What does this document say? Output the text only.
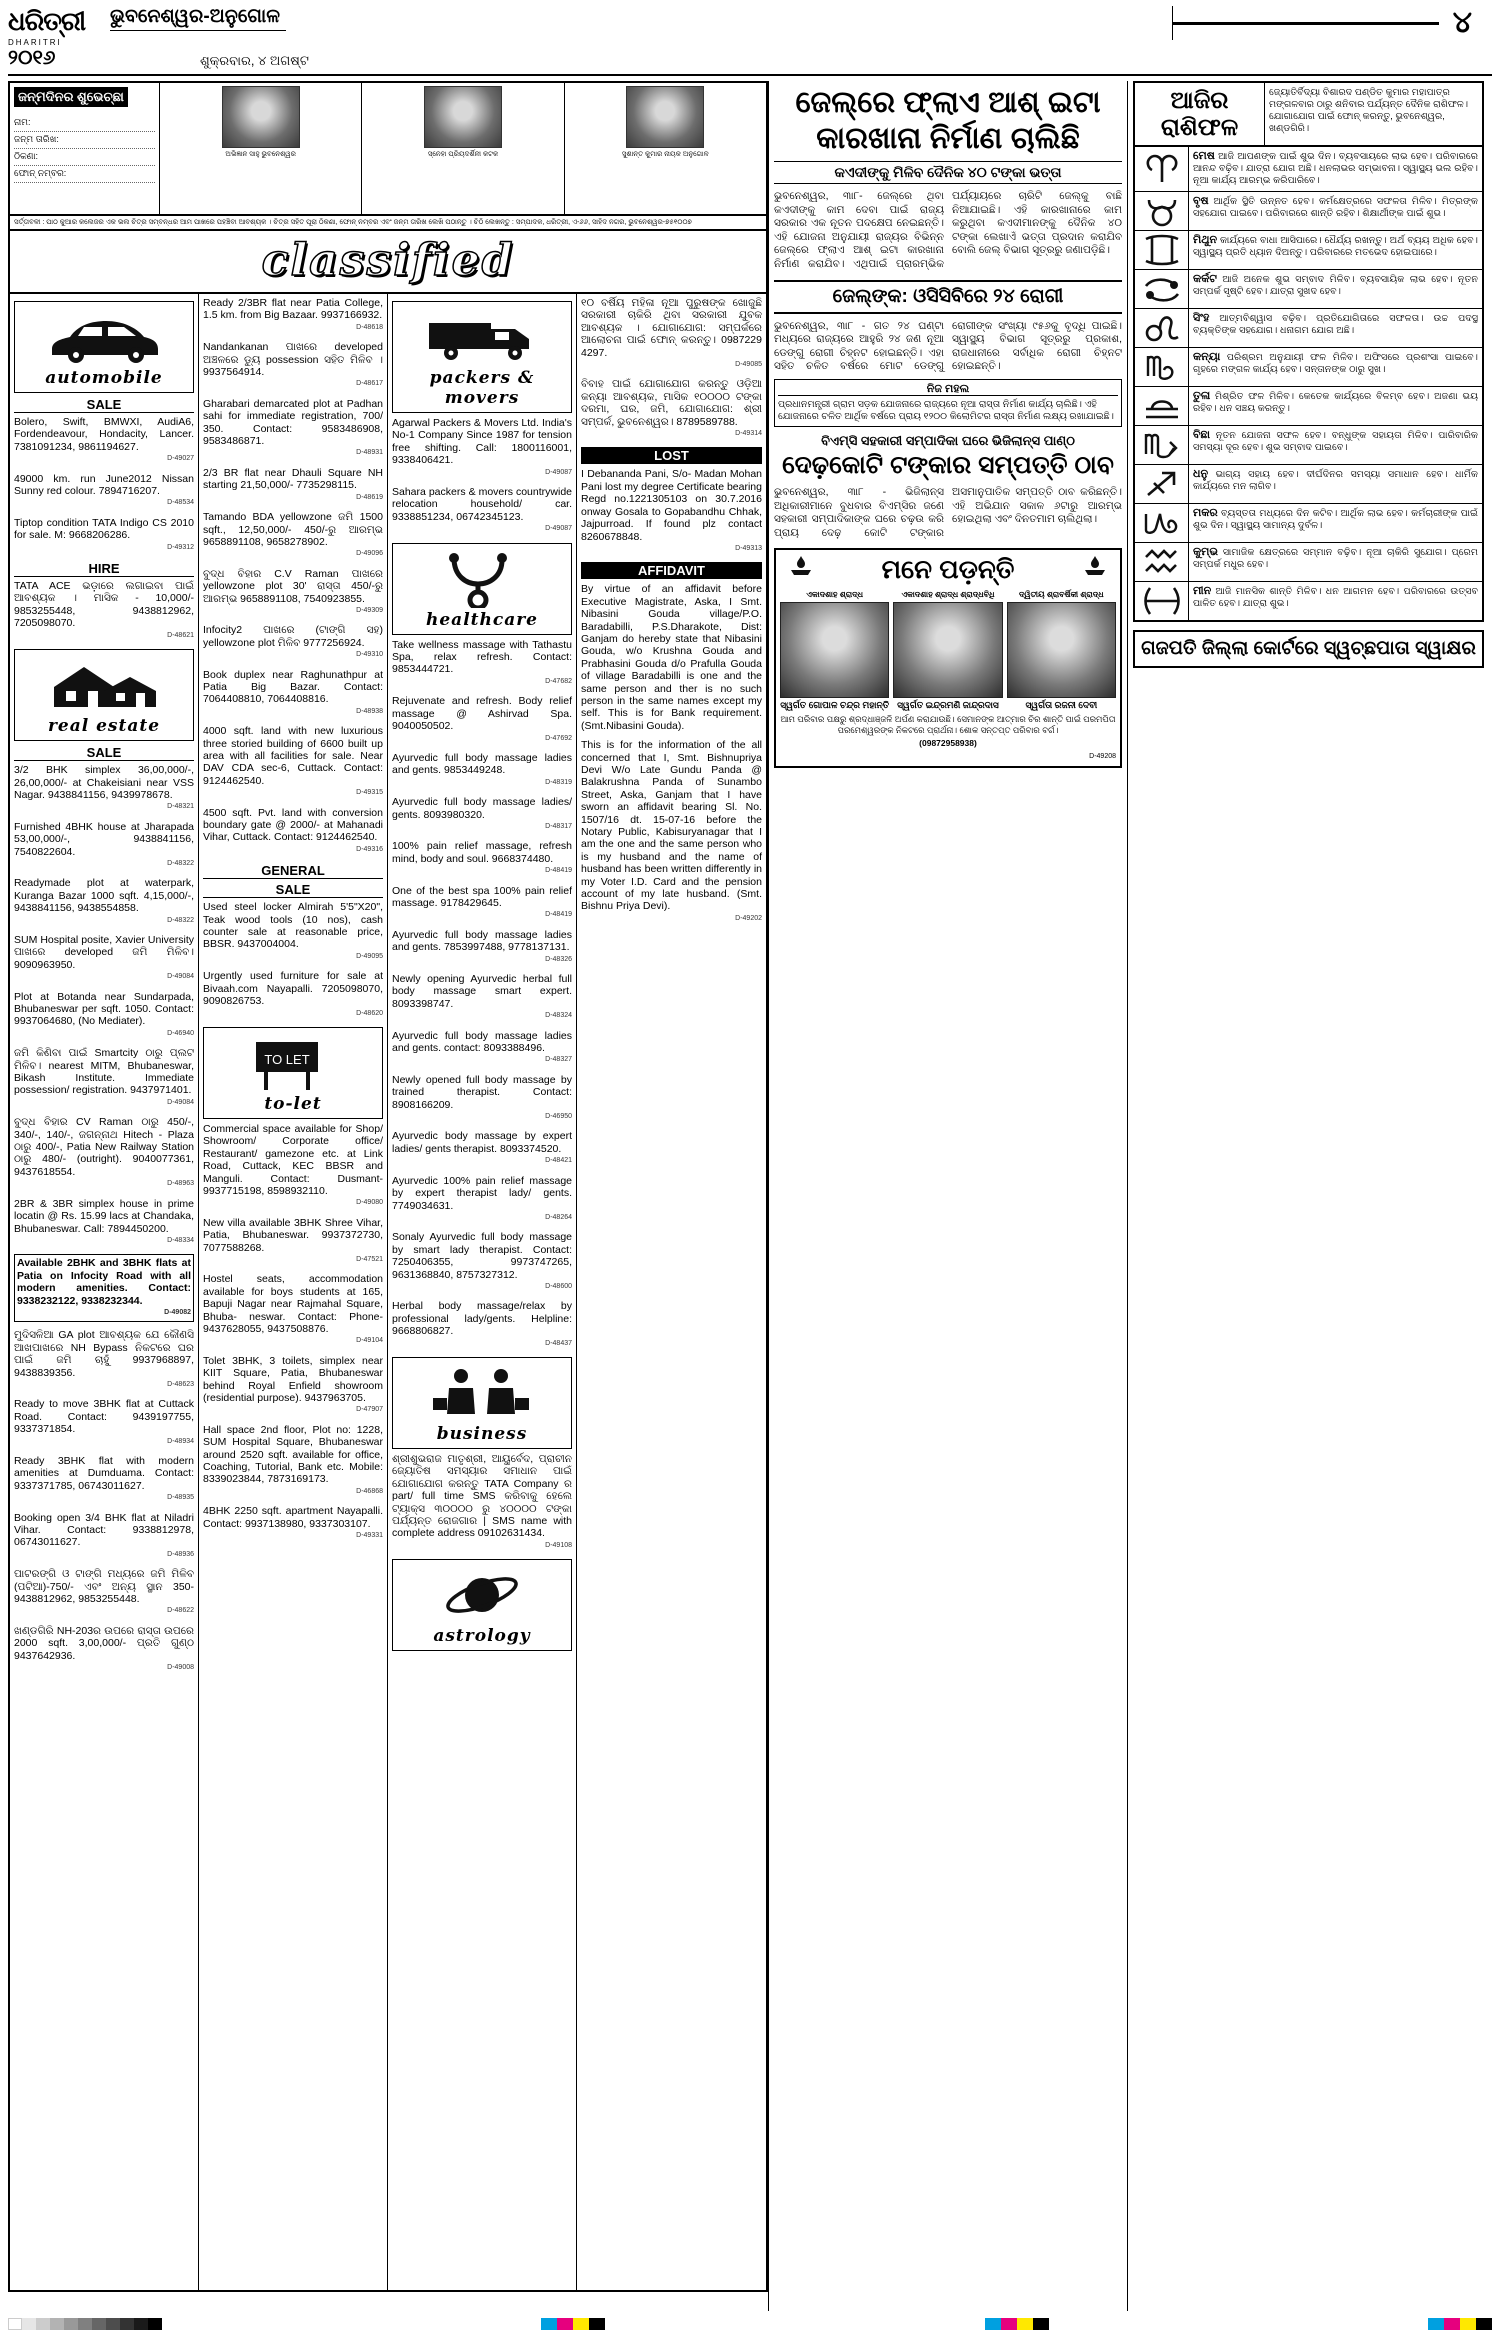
ଧରିତ୍ରୀ
DHARITRI
୨୦୧୬
ଭୁବନେଶ୍ୱର-ଅନୁଗୋଳ
ଶୁକ୍ରବାର, ୪ ଅଗଷ୍ଟ
୪
ଜନ୍ମଦିନର ଶୁଭେଚ୍ଛା
ନାମ:
ଜନ୍ମ ତାରିଖ:
ଠିକଣା:
ଫୋନ୍ ନମ୍ବର:
ଅଭିଜ୍ଞାନ ସାହୁ ଭୁବନେଶ୍ୱର	ସ୍ନେହା ପ୍ରିୟଦର୍ଶିନୀ କଟକ	ସୁଶାନ୍ତ କୁମାର ନାୟକ ଅନୁଗୋଳ
ସର୍ତ୍ତାବଳୀ : ପାଠ କୁଆର କଲେଜର ଏକ ଭଲ ଚିତ୍ର ସମ୍ବନ୍ଧର ଆମ ପାଖରେ ପହଞ୍ଚିବା ଆବଶ୍ୟକ । ଚିତ୍ର ସହିତ ପୂରା ଠିକଣା, ଫୋନ୍ ନମ୍ବର ଏବଂ ଜନ୍ମ ତାରିଖ ଲେଖି ପଠାନ୍ତୁ । ଚିଠି ଲେଖନ୍ତୁ : ସମ୍ପାଦକ, ଧରିତ୍ରୀ, ଏ-୬୬, ସାହିଦ ନଗର, ଭୁବନେଶ୍ୱର-୭୫୧୦୦୭
classified
automobile
SALE
Bolero, Swift, BMWXI, AudiA6, Fordendeavour, Hondacity, Lancer. 7381091234, 9861194627.
D-49027
49000 km. run June2012 Nissan Sunny red colour. 7894716207.
D-48534
Tiptop condition TATA Indigo CS 2010 for sale. M: 9668206286.
D-49312
HIRE
TATA ACE ଭଡ଼ାରେ ଲଗାଇବା ପାଇଁ ଆବଶ୍ୟକ । ମାସିକ - 10,000/- 9853255448, 9438812962, 7205098070.
D-48621
real estate
SALE
3/2 BHK simplex 36,00,000/-, 26,00,000/- at Chakeisiani near VSS Nagar. 9438841156, 9439978678.
D-48321
Furnished 4BHK house at Jharapada 53,00,000/-, 9438841156, 7540822604.
D-48322
Readymade plot at waterpark, Kuranga Bazar 1000 sqft. 4,15,000/-, 9438841156, 9438554858.
D-48322
SUM Hospital posite, Xavier University ପାଖରେ developed ଜମି ମିଳିବ। 9090963950.
D-49084
Plot at Botanda near Sundarpada, Bhubaneswar per sqft. 1050. Contact: 9937064680, (No Mediater).
D-46940
ଜମି କିଣିବା ପାଇଁ Smartcity ଠାରୁ ପ୍ଲଟ ମିଳିବ। nearest MITM, Bhubaneswar, Bikash Institute. Immediate possession/ registration. 9437971401.
D-49084
ବୁଦ୍ଧ ବିହାର CV Raman ଠାରୁ 450/-, 340/-, 140/-, ଜଗନ୍ନାଥ Hitech - Plaza ଠାରୁ 400/-, Patia New Railway Station ଠାରୁ 480/- (outright). 9040077361, 9437618554.
D-48963
2BR & 3BR simplex house in prime locatin @ Rs. 15.99 lacs at Chandaka, Bhubaneswar. Call: 7894450200.
D-48334
Available 2BHK and 3BHK flats at Patia on Infocity Road with all modern amenities. Contact: 9338232122, 9338232344.
D-49082
ମୁଦିସଳିଆ GA plot ଆବଶ୍ୟକ ଯେ କୌଣସି ଆଖପାଖରେ NH Bypass ନିକଟରେ ଘର ପାଇଁ ଜମି ଚାହୁଁ 9937968897, 9438839356.
D-48623
Ready to move 3BHK flat at Cuttack Road. Contact: 9439197755, 9337371854.
D-48934
Ready 3BHK flat with modern amenities at Dumduama. Contact: 9337371785, 06743011627.
D-48935
Booking open 3/4 BHK flat at Niladri Vihar. Contact: 9338812978, 06743011627.
D-48936
ପାଟରଙ୍ଗି ଓ ଟାଙ୍ଗି ମଧ୍ୟରେ ଜମି ମିଳିବ (ପଟିଆ)-750/- ଏବଂ ଅନ୍ୟ ସ୍ଥାନ 350- 9438812962, 9853255448.
D-48622
ଖଣ୍ଡଗିରି NH-203ର ଉପରେ ରାସ୍ତା ଉପରେ 2000 sqft. 3,00,000/- ପ୍ରତି ଗୁଣ୍ଠ 9437642936.
D-49008
Ready 2/3BR flat near Patia College, 1.5 km. from Big Bazaar. 9937166932.
D-48618
Nandankanan ପାଖରେ developed ଅଞ୍ଚଳରେ ଡ୍ୟୁ possession ସହିତ ମିଳିବ । 9937564914.
D-48617
Gharabari demarcated plot at Padhan sahi for immediate registration, 700/ 350. Contact: 9583486908, 9583486871.
D-48931
2/3 BR flat near Dhauli Square NH starting 21,50,000/- 7735298115.
D-48619
Tamando BDA yellowzone ଜମି 1500 sqft., 12,50,000/- 450/-ରୁ ଆରମ୍ଭ 9658891108, 9658278902.
D-49096
ବୁଦ୍ଧ ବିହାର C.V Raman ପାଖରେ yellowzone plot 30' ରାସ୍ତା 450/-ରୁ ଆରମ୍ଭ 9658891108, 7540923855.
D-49309
Infocity2 ପାଖରେ (ଟାଙ୍ଗି ସହ) yellowzone plot ମିଳିବ 9777256924.
D-49310
Book duplex near Raghunathpur at Patia Big Bazar. Contact: 7064408810, 7064408816.
D-48938
4000 sqft. land with new luxurious three storied building of 6600 built up area with all facilities for sale. Near DAV CDA sec-6, Cuttack. Contact: 9124462540.
D-49315
4500 sqft. Pvt. land with conversion boundary gate @ 2000/- at Mahanadi Vihar, Cuttack. Contact: 9124462540.
D-49316
GENERAL
SALE
Used steel locker Almirah 5'5"X20", Teak wood tools (10 nos), cash counter sale at reasonable price, BBSR. 9437004004.
D-49095
Urgently used furniture for sale at Bivaah.com Nayapalli. 7205098070, 9090826753.
D-48620
TO LET
to-let
Commercial space available for Shop/ Showroom/ Corporate office/ Restaurant/ gamezone etc. at Link Road, Cuttack, KEC BBSR and Manguli. Contact: Dusmant- 9937715198, 8598932110.
D-49080
New villa available 3BHK Shree Vihar, Patia, Bhubaneswar. 9937372730, 7077588268.
D-47521
Hostel seats, accommodation available for boys students at 165, Bapuji Nagar near Rajmahal Square, Bhuba- neswar. Contact: Phone- 9437628055, 9437508876.
D-49104
Tolet 3BHK, 3 toilets, simplex near KIIT Square, Patia, Bhubaneswar behind Royal Enfield showroom (residential purpose). 9437963705.
D-47907
Hall space 2nd floor, Plot no: 1228, SUM Hospital Square, Bhubaneswar around 2520 sqft. available for office, Coaching, Tutorial, Bank etc. Mobile: 8339023844, 7873169173.
D-46868
4BHK 2250 sqft. apartment Nayapalli. Contact: 9937138980, 9337303107.
D-49331
packers & movers
Agarwal Packers & Movers Ltd. India's No-1 Company Since 1987 for tension free shifting. Call: 1800116001, 9338406421.
D-49087
Sahara packers & movers countrywide relocation household/ car. 9338851234, 06742345123.
D-49087
healthcare
Take wellness massage with Tathastu Spa, relax refresh. Contact: 9853444721.
D-47682
Rejuvenate and refresh. Body relief massage @ Ashirvad Spa. 9040050502.
D-47692
Ayurvedic full body massage ladies and gents. 9853449248.
D-48319
Ayurvedic full body massage ladies/ gents. 8093980320.
D-48317
100% pain relief massage, refresh mind, body and soul. 9668374480.
D-48419
One of the best spa 100% pain relief massage. 9178429645.
D-48419
Ayurvedic full body massage ladies and gents. 7853997488, 9778137131.
D-48326
Newly opening Ayurvedic herbal full body massage smart expert. 8093398747.
D-48324
Ayurvedic full body massage ladies and gents. contact: 8093388496.
D-48327
Newly opened full body massage by trained therapist. Contact: 8908166209.
D-46950
Ayurvedic body massage by expert ladies/ gents therapist. 8093374520.
D-48421
Ayurvedic 100% pain relief massage by expert therapist lady/ gents. 7749034631.
D-48264
Sonaly Ayurvedic full body massage by smart lady therapist. Contact: 7250406355, 9973747265, 9631368840, 8757327312.
D-48600
Herbal body massage/relax by professional lady/gents. Helpline: 9668806827.
D-48437
business
ଶ୍ରୀଶୁଭରାଜ ମାତୃଶ୍ରୀ, ଆୟୁର୍ବେଦ, ପ୍ରାଚୀନ ଜ୍ୟୋତିଷ ସମସ୍ୟାର ସମାଧାନ ପାଇଁ ଯୋଗାଯୋଗ କରନ୍ତୁ TATA Company ର part/ full time SMS କରିବାକୁ ହେଲେ ଟ୍ୟାକ୍ସ ୩୦୦୦୦ ରୁ ୪୦୦୦୦ ଟଙ୍କା ପର୍ଯ୍ୟନ୍ତ ରୋଜଗାର | SMS name with complete address 09102631434.
D-49108
astrology
୧୦ ବର୍ଷିୟ ମହିଳା ନୂଆ ପୁରୁଷଙ୍କ ଖୋଜୁଛି ସରକାରୀ ଚାକିରି ଥିବା ସରକାରୀ ଯୁବକ ଆବଶ୍ୟକ । ଯୋଗାଯୋଗ: ସମ୍ପର୍କରେ ଆଲୋଚନା ପାଇଁ ଫୋନ୍ କରନ୍ତୁ। 0987229 4297.
D-49085
ବିବାହ ପାଇଁ ଯୋଗାଯୋଗ କରନ୍ତୁ ଓଡ଼ିଆ କନ୍ୟା ଆବଶ୍ୟକ, ମାସିକ ୧୦୦୦୦ ଟଙ୍କା ଦରମା, ଘର, ଜମି, ଯୋଗାଯୋଗ: ଶ୍ରୀ ସମ୍ପର୍କ, ଭୁବନେଶ୍ୱର। 8789589788.
D-49314
LOST
I Debananda Pani, S/o- Madan Mohan Pani lost my degree Certificate bearing Regd no.1221305103 on 30.7.2016 onway Gosala to Gopabandhu Chhak, Jajpurroad. If found plz contact 8260678848.
D-49313
AFFIDAVIT
By virtue of an affidavit before Executive Magistrate, Aska, I Smt. Nibasini Gouda village/P.O. Baradabilli, P.S.Dharakote, Dist: Ganjam do hereby state that Nibasini Gouda, w/o Krushna Gouda and Prabhasini Gouda d/o Prafulla Gouda of village Baradabilli is one and the same person and ther is no such person in the same names except my self. This is for Bank requirement. (Smt.Nibasini Gouda).
This is for the information of the all concerned that I, Smt. Bishnupriya Devi W/o Late Gundu Panda @ Balakrushna Panda of Sunambo Street, Aska, Ganjam that I have sworn an affidavit bearing Sl. No. 1507/16 dt. 15-07-16 before the Notary Public, Kabisuryanagar that I am the one and the same person who is my husband and the name of husband has been written differently in my Voter I.D. Card and the pension account of my late husband. (Smt. Bishnu Priya Devi).
D-49202
ଜେଲ୍‌ରେ ଫ୍ଲାଏ ଆଶ୍‌ ଇଟା
କାରଖାନା ନିର୍ମାଣ ଚାଲିଛି
କଏଦୀଙ୍କୁ ମିଳିବ ଦୈନିକ ୪୦ ଟଙ୍କା ଭତ୍ତା
ଭୁବନେଶ୍ୱର, ୩ା୮- ଜେଲ୍‌ରେ ଥିବା କଏଦୀଙ୍କୁ କାମ ଦେବା ପାଇଁ ରାଜ୍ୟ ସରକାର ଏକ ନୂତନ ପଦକ୍ଷେପ ନେଇଛନ୍ତି। ଏହି ଯୋଜନା ଅନୁଯାୟୀ ରାଜ୍ୟର ବିଭିନ୍ନ ଜେଲ୍‌ରେ ଫ୍ଲାଏ ଆଶ୍ ଇଟା କାରଖାନା ନିର୍ମାଣ କରାଯିବ। ଏଥିପାଇଁ ପ୍ରାରମ୍ଭିକ ପର୍ଯ୍ୟାୟରେ ଚାରିଟି ଜେଲ୍‌କୁ ବାଛି ନିଆଯାଇଛି। ଏହି କାରଖାନାରେ କାମ କରୁଥିବା କଏଦୀମାନଙ୍କୁ ଦୈନିକ ୪୦ ଟଙ୍କା ଲେଖାଏଁ ଭତ୍ତା ପ୍ରଦାନ କରାଯିବ ବୋଲି ଜେଲ୍ ବିଭାଗ ସୂତ୍ରରୁ ଜଣାପଡ଼ିଛି।
ଜେଲ୍‌ଙ୍କ: ଓସିସିବିରେ ୨୪ ରୋଗୀ
ଭୁବନେଶ୍ୱର, ୩ା୮ - ଗତ ୨୪ ଘଣ୍ଟା ମଧ୍ୟରେ ରାଜ୍ୟରେ ଆହୁରି ୨୪ ଜଣ ନୂଆ ଡେଙ୍ଗୁ ରୋଗୀ ଚିହ୍ନଟ ହୋଇଛନ୍ତି। ଏହା ସହିତ ଚଳିତ ବର୍ଷରେ ମୋଟ ଡେଙ୍ଗୁ ରୋଗୀଙ୍କ ସଂଖ୍ୟା ୯୫୬କୁ ବୃଦ୍ଧି ପାଇଛି। ସ୍ୱାସ୍ଥ୍ୟ ବିଭାଗ ସୂତ୍ରରୁ ପ୍ରକାଶ, ରାଜଧାନୀରେ ସର୍ବାଧିକ ରୋଗୀ ଚିହ୍ନଟ ହୋଇଛନ୍ତି।
ନିଜ ମହଲ
ପ୍ରଧାନମନ୍ତ୍ରୀ ଗ୍ରାମ ସଡ଼କ ଯୋଜନାରେ ରାଜ୍ୟରେ ନୂଆ ରାସ୍ତା ନିର୍ମାଣ କାର୍ଯ୍ୟ ଚାଲିଛି। ଏହି ଯୋଜନାରେ ଚଳିତ ଆର୍ଥିକ ବର୍ଷରେ ପ୍ରାୟ ୧୨୦୦ କିଲୋମିଟର ରାସ୍ତା ନିର୍ମାଣ ଲକ୍ଷ୍ୟ ରଖାଯାଇଛି।
ବିଏମ୍‌ସି ସହକାରୀ ସମ୍ପାଦିକା ଘରେ ଭିଜିଲାନ୍ସ ପାଣ୍ଠ
ଦେଢ଼କୋଟି ଟଙ୍କାର ସମ୍ପତ୍ତି ଠାବ
ଭୁବନେଶ୍ୱର, ୩ା୮ - ଭିଜିଲାନ୍ସ ଅଧିକାରୀମାନେ ବୁଧବାର ବିଏମ୍‌ସିର ଜଣେ ସହକାରୀ ସମ୍ପାଦିକାଙ୍କ ଘରେ ଚଢ଼ଉ କରି ପ୍ରାୟ ଦେଢ଼ କୋଟି ଟଙ୍କାର ଅସମାନୁପାତିକ ସମ୍ପତ୍ତି ଠାବ କରିଛନ୍ତି। ଏହି ଅଭିଯାନ ସକାଳ ୬ଟାରୁ ଆରମ୍ଭ ହୋଇଥିଲା ଏବଂ ଦିନତମାମ ଚାଲିଥିଲା।
ମନେ ପଡ଼ନ୍ତି
ଏକାଦଶାହ ଶ୍ରାଦ୍ଧ
ସ୍ୱର୍ଗତ ଗୋପାଳ ଚନ୍ଦ୍ର ମହାନ୍ତି
ଏକାଦଶାହ ଶ୍ରାଦ୍ଧ ଶ୍ରାଦ୍ଧବିଧି
ସ୍ୱର୍ଗତ ଇନ୍ଦ୍ରମଣି ଜାନ୍ଦ୍ରଦାସ
ଦ୍ୱିତୀୟ ଶ୍ରାବର୍ଷିକୀ ଶ୍ରାଦ୍ଧ
ସ୍ୱର୍ଗତା ରଜନୀ ଦେବୀ
ଆମ ପରିବାର ପକ୍ଷରୁ ଶ୍ରଦ୍ଧାଞ୍ଜଳି ଅର୍ପଣ କରାଯାଉଛି। ସେମାନଙ୍କ ଆତ୍ମାର ଚିର ଶାନ୍ତି ପାଇଁ ପରମପିତା ପରମେଶ୍ୱରଙ୍କ ନିକଟରେ ପ୍ରାର୍ଥନା। ଶୋକ ସନ୍ତପ୍ତ ପରିବାର ବର୍ଗ।
(09872958938)
D-49208
ଆଜିର ରାଶିଫଳ
ଜ୍ୟୋତିର୍ବିଦ୍ୟା ବିଶାରଦ ପଣ୍ଡିତ କୁମାର ମହାପାତ୍ର ମଙ୍ଗଳବାର ଠାରୁ ଶନିବାର ପର୍ଯ୍ୟନ୍ତ ଦୈନିକ ରାଶିଫଳ। ଯୋଗାଯୋଗ ପାଇଁ ଫୋନ୍ କରନ୍ତୁ, ଭୁବନେଶ୍ୱର, ଖଣ୍ଡଗିରି।
ମେଷ ଆଜି ଆପଣଙ୍କ ପାଇଁ ଶୁଭ ଦିନ। ବ୍ୟବସାୟରେ ଲାଭ ହେବ। ପରିବାରରେ ଆନନ୍ଦ ବଢ଼ିବ। ଯାତ୍ରା ଯୋଗ ଅଛି। ଧନଲାଭର ସମ୍ଭାବନା। ସ୍ୱାସ୍ଥ୍ୟ ଭଲ ରହିବ। ନୂଆ କାର୍ଯ୍ୟ ଆରମ୍ଭ କରିପାରିବେ।
ବୃଷ ଆର୍ଥିକ ସ୍ଥିତି ଉନ୍ନତ ହେବ। କର୍ମକ୍ଷେତ୍ରରେ ସଫଳତା ମିଳିବ। ମିତ୍ରଙ୍କ ସହଯୋଗ ପାଇବେ। ପରିବାରରେ ଶାନ୍ତି ରହିବ। ଶିକ୍ଷାର୍ଥୀଙ୍କ ପାଇଁ ଶୁଭ।
ମିଥୁନ କାର୍ଯ୍ୟରେ ବାଧା ଆସିପାରେ। ଧୈର୍ଯ୍ୟ ରଖନ୍ତୁ। ଅର୍ଥ ବ୍ୟୟ ଅଧିକ ହେବ। ସ୍ୱାସ୍ଥ୍ୟ ପ୍ରତି ଧ୍ୟାନ ଦିଅନ୍ତୁ। ପରିବାରରେ ମତଭେଦ ହୋଇପାରେ।
କର୍କଟ ଆଜି ଅନେକ ଶୁଭ ସମ୍ବାଦ ମିଳିବ। ବ୍ୟବସାୟିକ ଲାଭ ହେବ। ନୂତନ ସମ୍ପର୍କ ସୃଷ୍ଟି ହେବ। ଯାତ୍ରା ସୁଖଦ ହେବ।
ସିଂହ ଆତ୍ମବିଶ୍ୱାସ ବଢ଼ିବ। ପ୍ରତିଯୋଗିତାରେ ସଫଳତା। ଉଚ୍ଚ ପଦସ୍ଥ ବ୍ୟକ୍ତିଙ୍କ ସହଯୋଗ। ଧନାଗମ ଯୋଗ ଅଛି।
କନ୍ୟା ପରିଶ୍ରମ ଅନୁଯାୟୀ ଫଳ ମିଳିବ। ଅଫିସରେ ପ୍ରଶଂସା ପାଇବେ। ଗୃହରେ ମଙ୍ଗଳ କାର୍ଯ୍ୟ ହେବ। ସନ୍ତାନଙ୍କ ଠାରୁ ସୁଖ।
ତୁଳା ମିଶ୍ରିତ ଫଳ ମିଳିବ। କେତେକ କାର୍ଯ୍ୟରେ ବିଳମ୍ବ ହେବ। ଅଜଣା ଭୟ ରହିବ। ଧନ ସଞ୍ଚୟ କରନ୍ତୁ।
ବିଛା ନୂତନ ଯୋଜନା ସଫଳ ହେବ। ବନ୍ଧୁଙ୍କ ସହାୟତା ମିଳିବ। ପାରିବାରିକ ସମସ୍ୟା ଦୂର ହେବ। ଶୁଭ ସମ୍ବାଦ ପାଇବେ।
ଧନୁ ଭାଗ୍ୟ ସହାୟ ହେବ। ଦୀର୍ଘଦିନର ସମସ୍ୟା ସମାଧାନ ହେବ। ଧାର୍ମିକ କାର୍ଯ୍ୟରେ ମନ ଲାଗିବ।
ମକର ବ୍ୟସ୍ତତା ମଧ୍ୟରେ ଦିନ କଟିବ। ଆର୍ଥିକ ଲାଭ ହେବ। କର୍ମଚାରୀଙ୍କ ପାଇଁ ଶୁଭ ଦିନ। ସ୍ୱାସ୍ଥ୍ୟ ସାମାନ୍ୟ ଦୁର୍ବଳ।
କୁମ୍ଭ ସାମାଜିକ କ୍ଷେତ୍ରରେ ସମ୍ମାନ ବଢ଼ିବ। ନୂଆ ଚାକିରି ସୁଯୋଗ। ପ୍ରେମ ସମ୍ପର୍କ ମଧୁର ହେବ।
ମୀନ ଆଜି ମାନସିକ ଶାନ୍ତି ମିଳିବ। ଧନ ଆଗମନ ହେବ। ପରିବାରରେ ଉତ୍ସବ ପାଳିତ ହେବ। ଯାତ୍ରା ଶୁଭ।
ଗଜପତି ଜିଲ୍ଲା କୋର୍ଟରେ ସ୍ୱଚ୍ଛପାତା ସ୍ୱାକ୍ଷର
